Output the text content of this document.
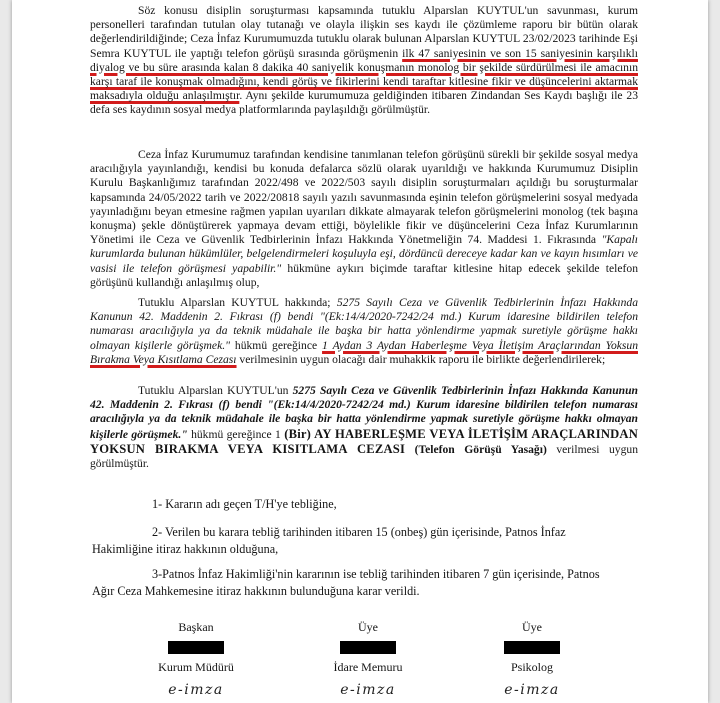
Söz konusu disiplin soruşturması kapsamında tutuklu Alparslan KUYTUL'un savunması, kurum personelleri tarafından tutulan olay tutanağı ve olayla ilişkin ses kaydı ile çözümleme raporu bir bütün olarak değerlendirildiğinde; Ceza İnfaz Kurumumuzda tutuklu olarak bulunan Alparslan KUYTUL 23/02/2023 tarihinde Eşi Semra KUYTUL ile yaptığı telefon görüşü sırasında görüşmenin ilk 47 saniyesinin ve son 15 saniyesinin karşılıklı diyalog ve bu süre arasında kalan 8 dakika 40 saniyelik konuşmanın monolog bir şekilde sürdürülmesi ile amacının karşı taraf ile konuşmak olmadığını, kendi görüş ve fikirlerini kendi taraftar kitlesine fikir ve düşüncelerini aktarmak maksadıyla olduğu anlaşılmıştır. Aynı şekilde kurumumuza geldiğinden itibaren Zindandan Ses Kaydı başlığı ile 23 defa ses kaydının sosyal medya platformlarında paylaşıldığı görülmüştür.

Ceza İnfaz Kurumumuz tarafından kendisine tanımlanan telefon görüşünü sürekli bir şekilde sosyal medya aracılığıyla yayınlandığı, kendisi bu konuda defalarca sözlü olarak uyarıldığı ve hakkında Kurumumuz Disiplin Kurulu Başkanlığımız tarafından 2022/498 ve 2022/503 sayılı disiplin soruşturmaları açıldığı bu soruşturmalar kapsamında 24/05/2022 tarih ve 2022/20818 sayılı yazılı savunmasında eşinin telefon görüşmelerini sosyal medyada yayınladığını beyan etmesine rağmen yapılan uyarıları dikkate almayarak telefon görüşmelerini monolog (tek başına konuşma) şekle dönüştürerek yapmaya devam ettiği, böylelikle fikir ve düşüncelerini Ceza İnfaz Kurumlarının Yönetimi ile Ceza ve Güvenlik Tedbirlerinin İnfazı Hakkında Yönetmeliğin 74. Maddesi 1. Fıkrasında "Kapalı kurumlarda bulunan hükümlüler, belgelendirmeleri koşuluyla eşi, dördüncü dereceye kadar kan ve kayın hısımları ve vasisi ile telefon görüşmesi yapabilir." hükmüne aykırı biçimde taraftar kitlesine hitap edecek şekilde telefon görüşünü kullandığı anlaşılmış olup,

Tutuklu Alparslan KUYTUL hakkında; 5275 Sayılı Ceza ve Güvenlik Tedbirlerinin İnfazı Hakkında Kanunun 42. Maddenin 2. Fıkrası (f) bendi "(Ek:14/4/2020-7242/24 md.) Kurum idaresine bildirilen telefon numarası aracılığıyla ya da teknik müdahale ile başka bir hatta yönlendirme yapmak suretiyle görüşme hakkı olmayan kişilerle görüşmek." hükmü gereğince 1 Aydan 3 Aydan Haberleşme Veya İletişim Araçlarından Yoksun Bırakma Veya Kısıtlama Cezası verilmesinin uygun olacağı dair muhakkik raporu ile birlikte değerlendirilerek;

Tutuklu Alparslan KUYTUL'un 5275 Sayılı Ceza ve Güvenlik Tedbirlerinin İnfazı Hakkında Kanunun 42. Maddenin 2. Fıkrası (f) bendi "(Ek:14/4/2020-7242/24 md.) Kurum idaresine bildirilen telefon numarası aracılığıyla ya da teknik müdahale ile başka bir hatta yönlendirme yapmak suretiyle görüşme hakkı olmayan kişilerle görüşmek." hükmü gereğince 1 (Bir) AY HABERLEŞME VEYA İLETİŞİM ARAÇLARINDAN YOKSUN BIRAKMA VEYA KISITLAMA CEZASI (Telefon Görüşü Yasağı) verilmesi uygun görülmüştür.

1- Kararın adı geçen T/H'ye tebliğine,

2- Verilen bu karara tebliğ tarihinden itibaren 15 (onbeş) gün içerisinde, Patnos İnfaz Hakimliğine itiraz hakkının olduğuna,

3-Patnos İnfaz Hakimliği'nin kararının ise tebliğ tarihinden itibaren 7 gün içerisinde, Patnos Ağır Ceza Mahkemesine itiraz hakkının bulunduğuna karar verildi.

Başkan
Kurum Müdürü
e-imza
Üye
İdare Memuru
e-imza
Üye
Psikolog
e-imza
